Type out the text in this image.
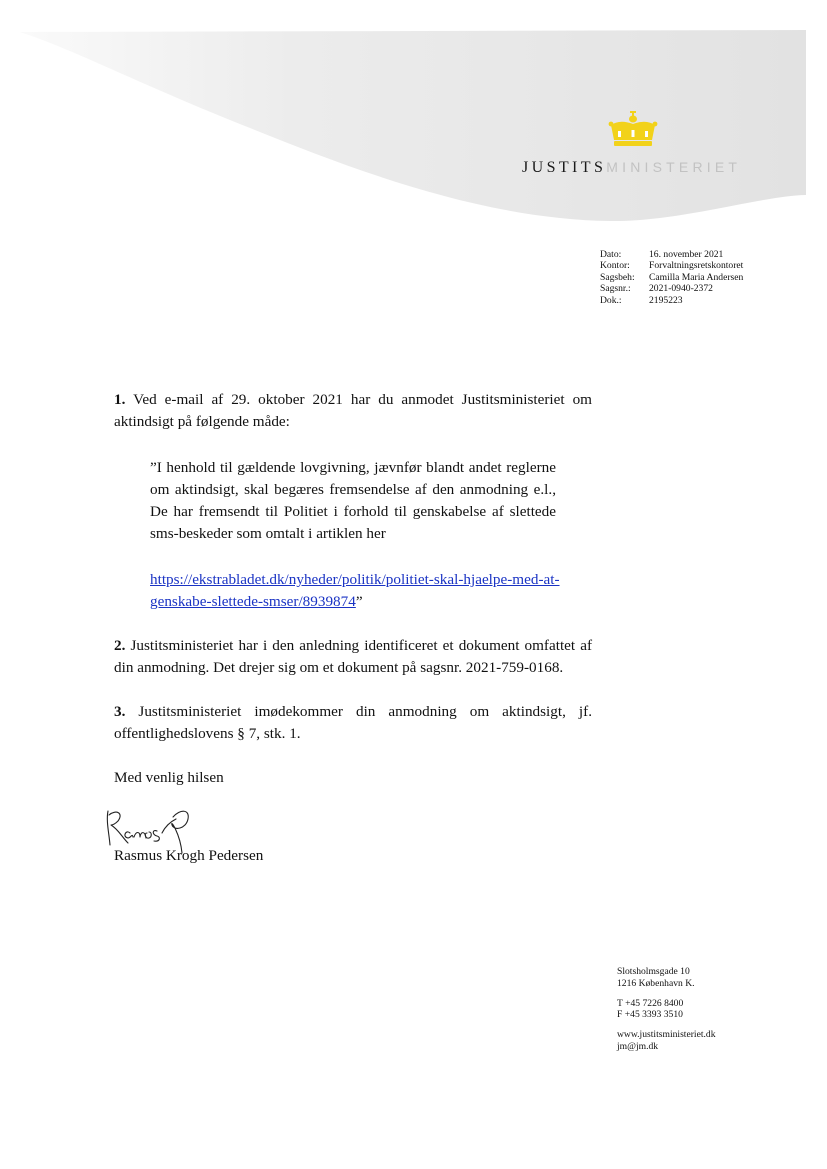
JUSTITSMINISTERIET
Dato:	16. november 2021
Kontor:	Forvaltningsretskontoret
Sagsbeh:	Camilla Maria Andersen
Sagsnr.:	2021-0940-2372
Dok.:	2195223

1. Ved e-mail af 29. oktober 2021 har du anmodet Justitsministeriet om aktindsigt på følgende måde:

”I henhold til gældende lovgivning, jævnfør blandt andet reglerne om aktindsigt, skal begæres fremsendelse af den anmodning e.l., De har fremsendt til Politiet i forhold til genskabelse af slettede sms-beskeder som omtalt i artiklen her

https://ekstrabladet.dk/nyheder/politik/politiet-skal-hjaelpe-med-at-genskabe-slettede-smser/8939874”

2. Justitsministeriet har i den anledning identificeret et dokument omfattet af din anmodning. Det drejer sig om et dokument på sagsnr. 2021-759-0168.

3. Justitsministeriet imødekommer din anmodning om aktindsigt, jf. offentlighedslovens § 7, stk. 1.

Med venlig hilsen

Rasmus Krogh Pedersen
Slotsholmsgade 10
1216 København K.
T +45 7226 8400
F +45 3393 3510
www.justitsministeriet.dk
jm@jm.dk
